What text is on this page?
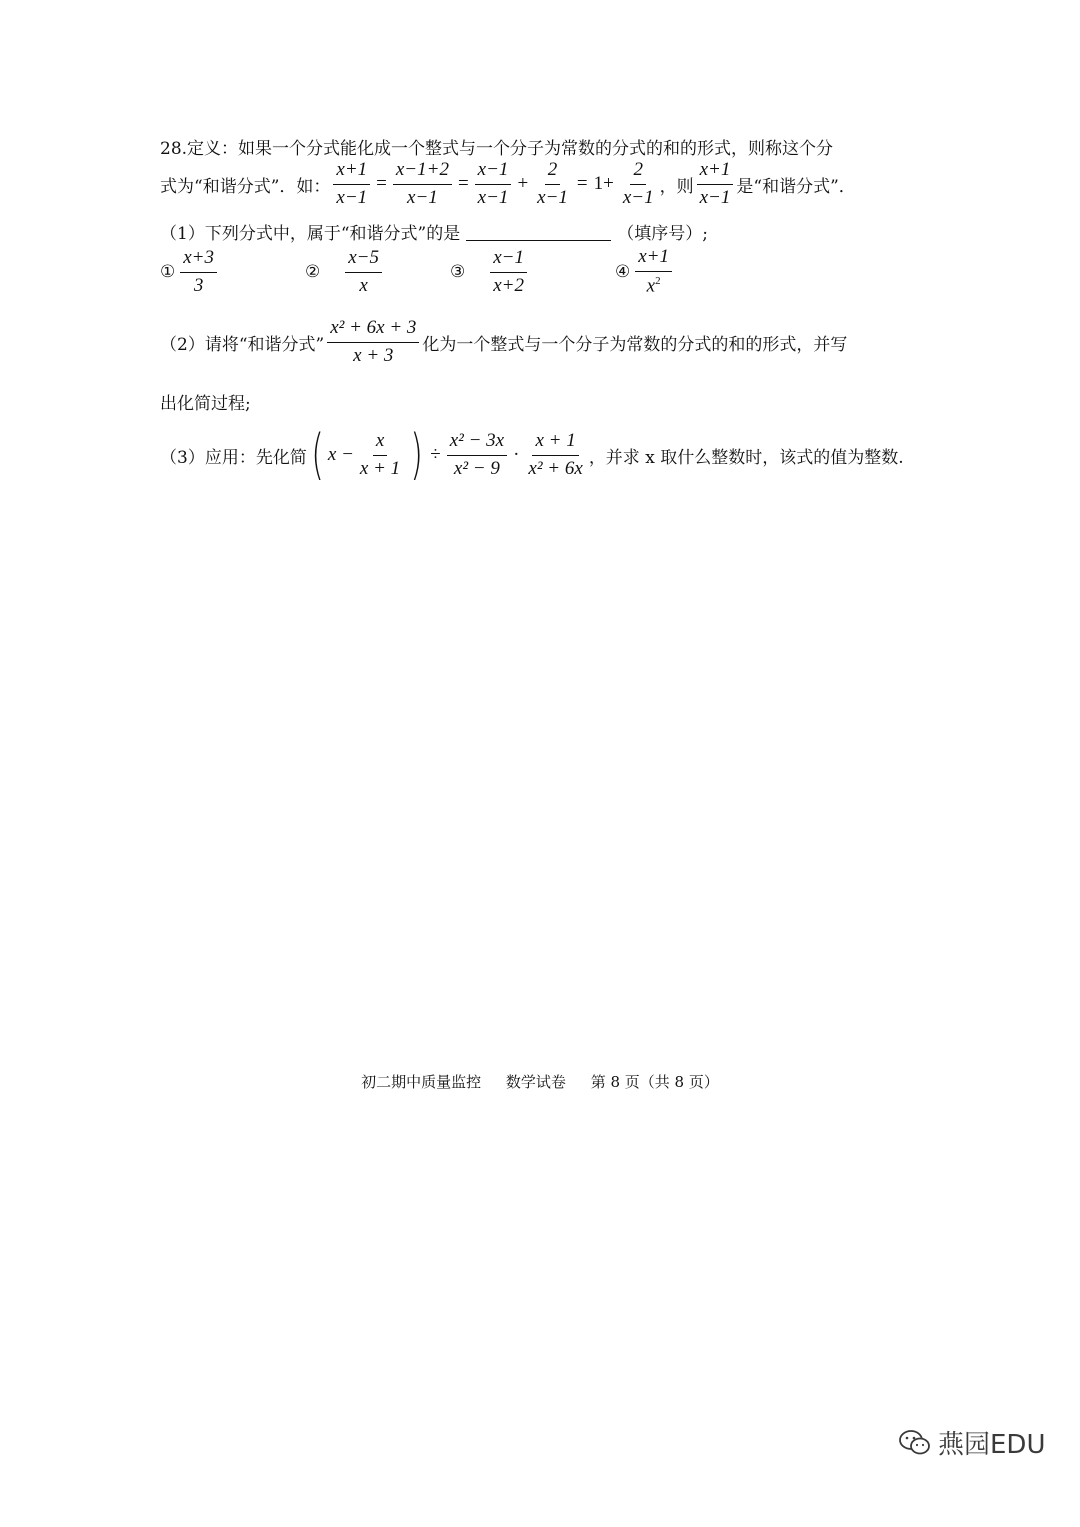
28.定义：如果一个分式能化成一个整式与一个分子为常数的分式的和的形式，则称这个分
式为“和谐分式”．如： $\frac{x+1}{x-1} = \frac{x-1+2}{x-1} = \frac{x-1}{x-1} + \frac{2}{x-1} = 1+ \frac{2}{x-1}$ ，则 $\frac{x+1}{x-1}$ 是“和谐分式”．
（1）下列分式中，属于“和谐分式”的是	（填序号）;
① $\frac{x+3}{3}$	② $\frac{x-5}{x}$	③ $\frac{x-1}{x+2}$	④ $\frac{x+1}{x^2}$
（2）请将“和谐分式” $\frac{\text{x² + 6x + 3}}{x + 3}$ 化为一个整式与一个分子为常数的分式的和的形式，并写
出化简过程;
（3）应用：先化简 ( $x - \frac{x}{x + 1}$ ) ÷ $\frac{\text{x² − 3x}}{\text{x² − 9}} \cdot \frac{x + 1}{\text{x² + 6x}}$ ，并求 x 取什么整数时，该式的值为整数.
初二期中质量监控 数学试卷 第 8 页（共 8 页）
燕园EDU
